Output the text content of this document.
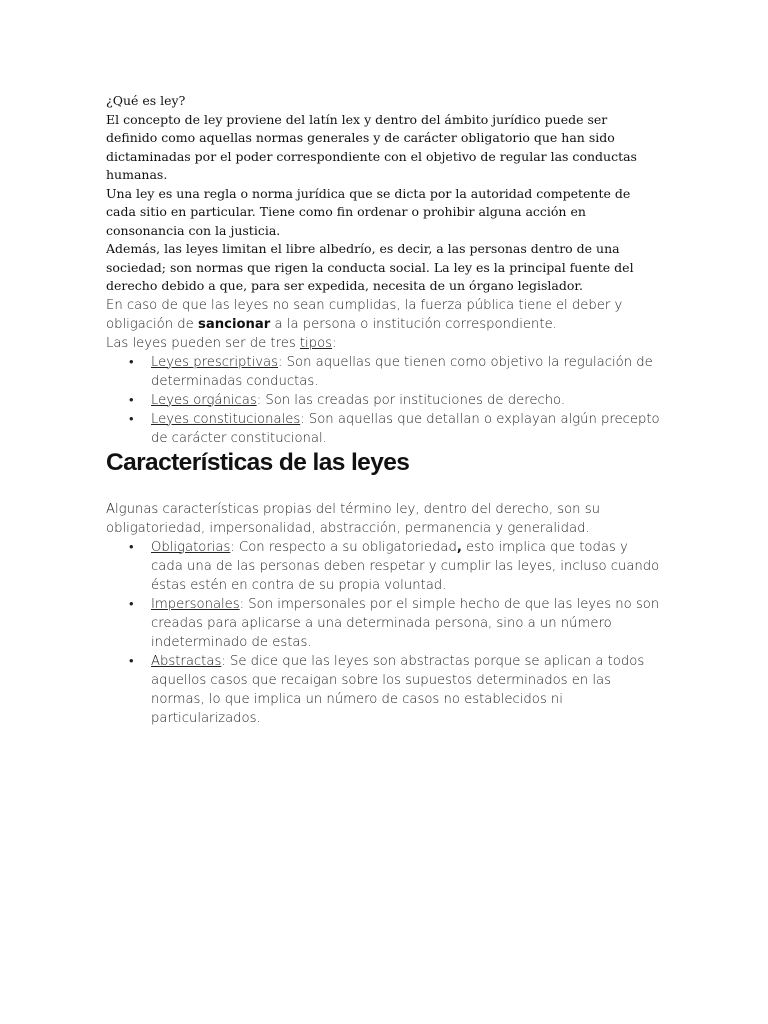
¿Qué es ley?

El concepto de ley proviene del latín lex y dentro del ámbito jurídico puede ser definido como aquellas normas generales y de carácter obligatorio que han sido dictaminadas por el poder correspondiente con el objetivo de regular las conductas humanas.

Una ley es una regla o norma jurídica que se dicta por la autoridad competente de cada sitio en particular. Tiene como fin ordenar o prohibir alguna acción en consonancia con la justicia.

Además, las leyes limitan el libre albedrío, es decir, a las personas dentro de una sociedad; son normas que rigen la conducta social. La ley es la principal fuente del derecho debido a que, para ser expedida, necesita de un órgano legislador.

En caso de que las leyes no sean cumplidas, la fuerza pública tiene el deber y obligación de sancionar a la persona o institución correspondiente.

Las leyes pueden ser de tres tipos:

• Leyes prescriptivas: Son aquellas que tienen como objetivo la regulación de determinadas conductas.
• Leyes orgánicas: Son las creadas por instituciones de derecho.
• Leyes constitucionales: Son aquellas que detallan o explayan algún precepto de carácter constitucional.
Características de las leyes

Algunas características propias del término ley, dentro del derecho, son su obligatoriedad, impersonalidad, abstracción, permanencia y generalidad.

• Obligatorias: Con respecto a su obligatoriedad, esto implica que todas y cada una de las personas deben respetar y cumplir las leyes, incluso cuando éstas estén en contra de su propia voluntad.
• Impersonales: Son impersonales por el simple hecho de que las leyes no son creadas para aplicarse a una determinada persona, sino a un número indeterminado de estas.
• Abstractas: Se dice que las leyes son abstractas porque se aplican a todos aquellos casos que recaigan sobre los supuestos determinados en las normas, lo que implica un número de casos no establecidos ni particularizados.
